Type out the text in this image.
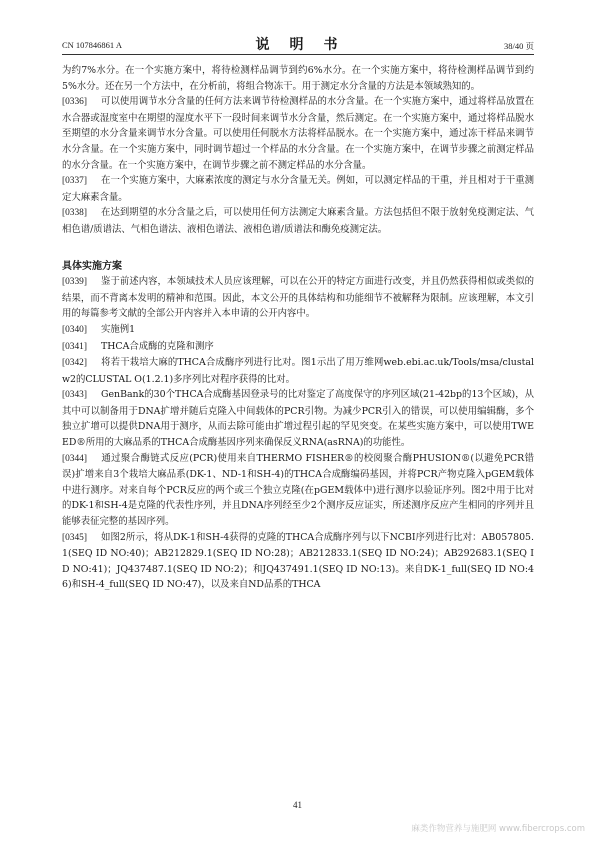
CN 107846861 A	说　明　书	38/40 页

为约7%水分。在一个实施方案中，将待检测样品调节到约6%水分。在一个实施方案中，将待检测样品调节到约5%水分。还在另一个方法中，在分析前，将组合物冻干。用于测定水分含量的方法是本领域熟知的。

[0336] 可以使用调节水分含量的任何方法来调节待检测样品的水分含量。在一个实施方案中，通过将样品放置在水合器或湿度室中在期望的湿度水平下一段时间来调节水分含量，然后测定。在一个实施方案中，通过将样品脱水至期望的水分含量来调节水分含量。可以使用任何脱水方法将样品脱水。在一个实施方案中，通过冻干样品来调节水分含量。在一个实施方案中，同时调节超过一个样品的水分含量。在一个实施方案中，在调节步骤之前测定样品的水分含量。在一个实施方案中，在调节步骤之前不测定样品的水分含量。

[0337] 在一个实施方案中，大麻素浓度的测定与水分含量无关。例如，可以测定样品的干重，并且相对于干重测定大麻素含量。

[0338] 在达到期望的水分含量之后，可以使用任何方法测定大麻素含量。方法包括但不限于放射免疫测定法、气相色谱/质谱法、气相色谱法、液相色谱法、液相色谱/质谱法和酶免疫测定法。

具体实施方案

[0339] 鉴于前述内容，本领域技术人员应该理解，可以在公开的特定方面进行改变，并且仍然获得相似或类似的结果，而不背离本发明的精神和范围。因此，本文公开的具体结构和功能细节不被解释为限制。应该理解，本文引用的每篇参考文献的全部公开内容并入本申请的公开内容中。

[0340] 实施例1

[0341] THCA合成酶的克隆和测序

[0342] 将若干栽培大麻的THCA合成酶序列进行比对。图1示出了用万维网web.ebi.ac.uk/Tools/msa/clustalw2的CLUSTAL O(1.2.1)多序列比对程序获得的比对。

[0343] GenBank的30个THCA合成酶基因登录号的比对鉴定了高度保守的序列区域(21-42bp的13个区域)，从其中可以制备用于DNA扩增并随后克隆入中间载体的PCR引物。为减少PCR引入的错误，可以使用编辑酶，多个独立扩增可以提供DNA用于测序，从而去除可能由扩增过程引起的罕见突变。在某些实施方案中，可以使用TWEED®所用的大麻品系的THCA合成酶基因序列来确保反义RNA(asRNA)的功能性。

[0344] 通过聚合酶链式反应(PCR)使用来自THERMO FISHER®的校阅聚合酶PHUSION®(以避免PCR错误)扩增来自3个栽培大麻品系(DK-1、ND-1和SH-4)的THCA合成酶编码基因，并将PCR产物克隆入pGEM载体中进行测序。对来自每个PCR反应的两个或三个独立克隆(在pGEM载体中)进行测序以验证序列。图2中用于比对的DK-1和SH-4是克隆的代表性序列，并且DNA序列经至少2个测序反应证实，所述测序反应产生相同的序列并且能够表征完整的基因序列。

[0345] 如图2所示，将从DK-1和SH-4获得的克隆的THCA合成酶序列与以下NCBI序列进行比对：AB057805.1(SEQ ID NO:40)；AB212829.1(SEQ ID NO:28)；AB212833.1(SEQ ID NO:24)；AB292683.1(SEQ ID NO:41)；JQ437487.1(SEQ ID NO:2)；和JQ437491.1(SEQ ID NO:13)。来自DK-1_full(SEQ ID NO:46)和SH-4_full(SEQ ID NO:47)，以及来自ND品系的THCA

41
麻类作物营养与施肥网 www.fibercrops.com
